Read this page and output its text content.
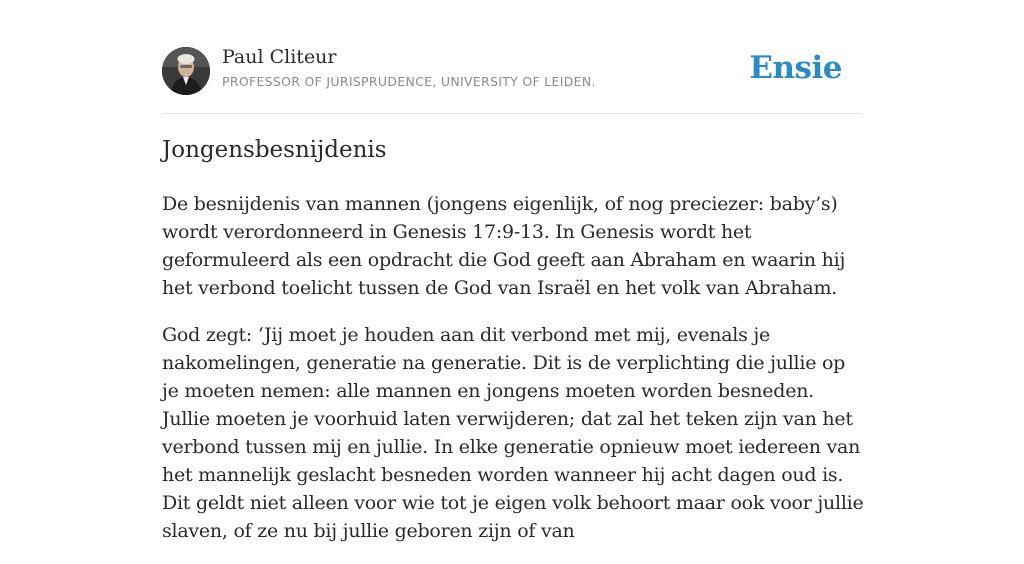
Paul Cliteur
PROFESSOR OF JURISPRUDENCE, UNIVERSITY OF LEIDEN.	Ensie
Jongensbesnijdenis

De besnijdenis van mannen (jongens eigenlijk, of nog preciezer: baby’s) wordt verordonneerd in Genesis 17:9-13. In Genesis wordt het geformuleerd als een opdracht die God geeft aan Abraham en waarin hij het verbond toelicht tussen de God van Israël en het volk van Abraham.

God zegt: ‘Jij moet je houden aan dit verbond met mij, evenals je nakomelingen, generatie na generatie. Dit is de verplichting die jullie op je moeten nemen: alle mannen en jongens moeten worden besneden. Jullie moeten je voorhuid laten verwijderen; dat zal het teken zijn van het verbond tussen mij en jullie. In elke generatie opnieuw moet iedereen van het mannelijk geslacht besneden worden wanneer hij acht dagen oud is. Dit geldt niet alleen voor wie tot je eigen volk behoort maar ook voor jullie slaven, of ze nu bij jullie geboren zijn of van
